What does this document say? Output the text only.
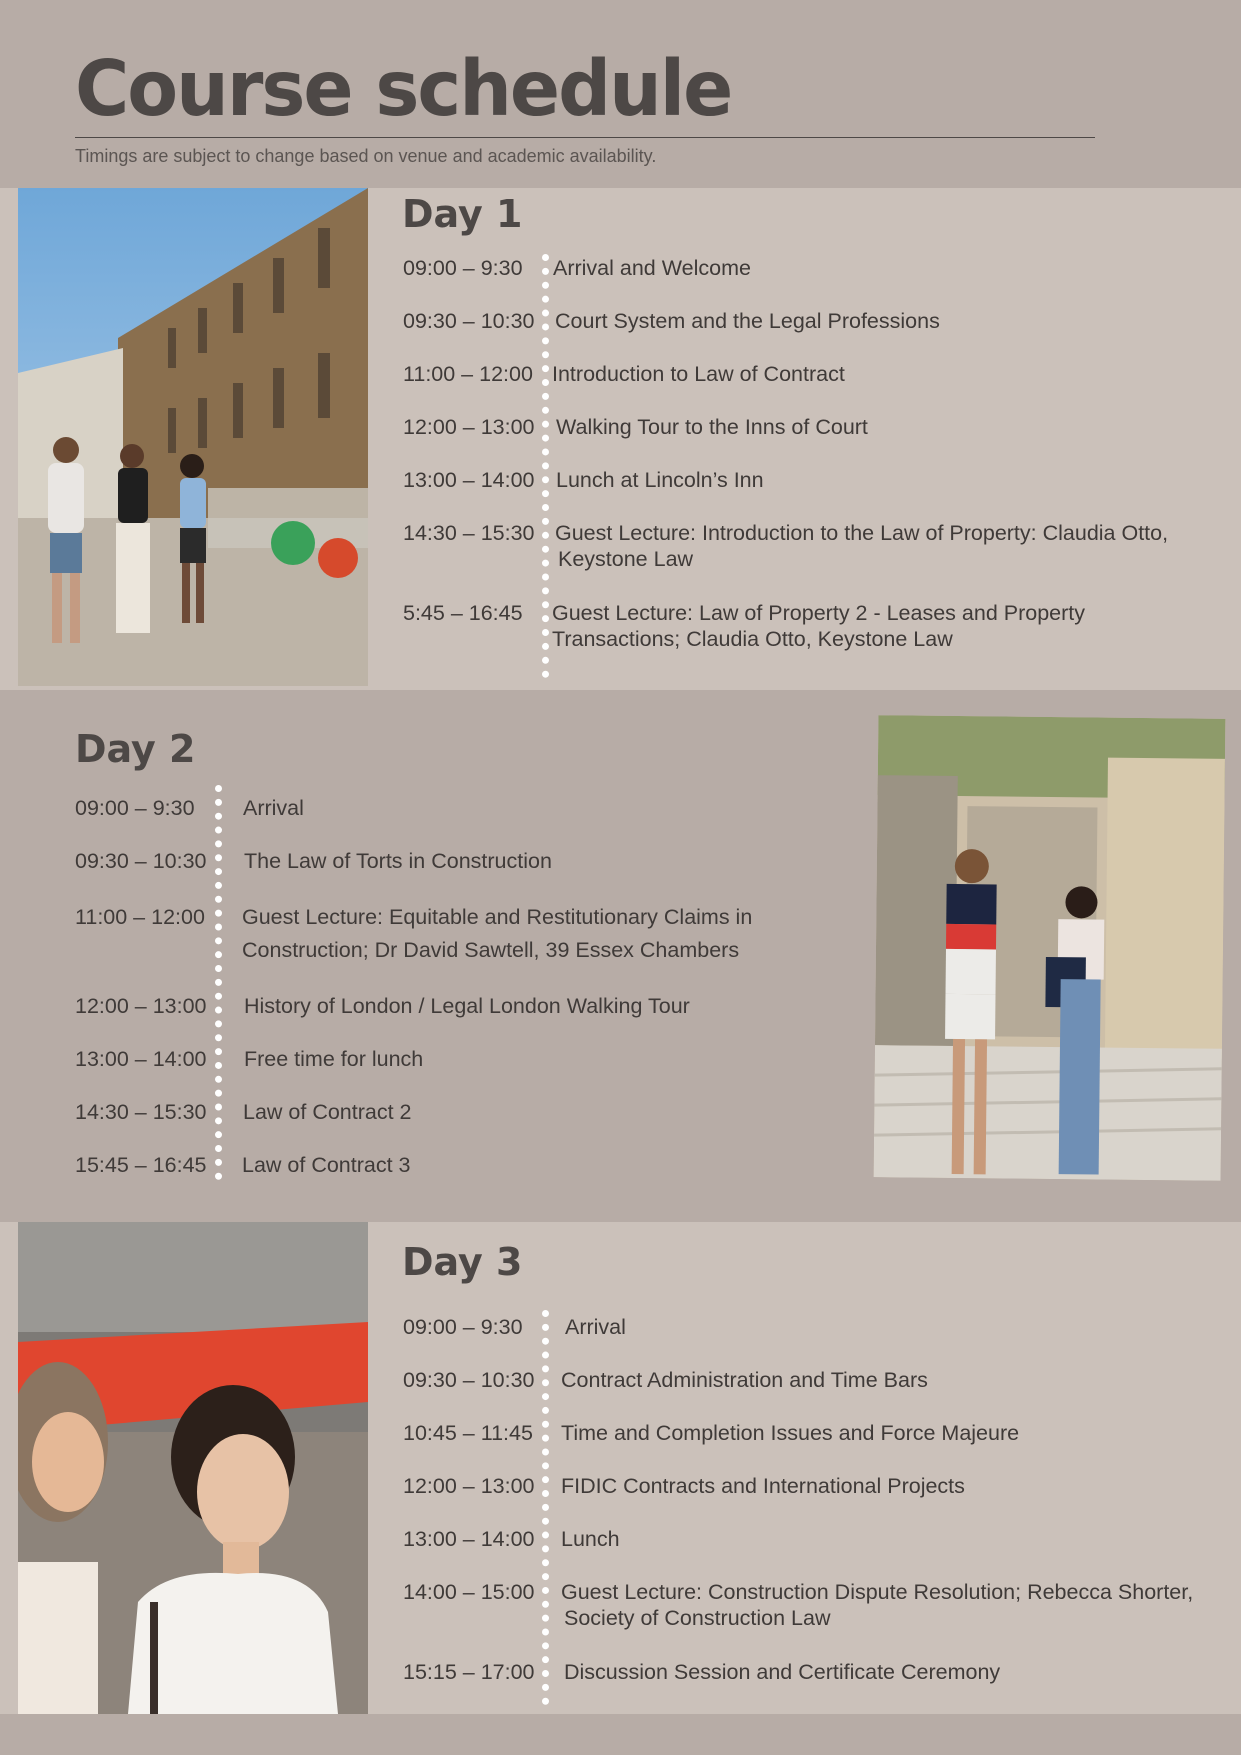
Course schedule
Timings are subject to change based on venue and academic availability.
Day 1
09:00 – 9:30 Arrival and Welcome
09:30 – 10:30 Court System and the Legal Professions
11:00 – 12:00 Introduction to Law of Contract
12:00 – 13:00 Walking Tour to the Inns of Court
13:00 – 14:00 Lunch at Lincoln’s Inn
14:30 – 15:30 Guest Lecture: Introduction to the Law of Property: Claudia Otto,
Keystone Law
5:45 – 16:45 Guest Lecture: Law of Property 2 - Leases and Property
Transactions; Claudia Otto, Keystone Law
Day 2
09:00 – 9:30 Arrival
09:30 – 10:30 The Law of Torts in Construction
11:00 – 12:00 Guest Lecture: Equitable and Restitutionary Claims in
Construction; Dr David Sawtell, 39 Essex Chambers
12:00 – 13:00 History of London / Legal London Walking Tour
13:00 – 14:00 Free time for lunch
14:30 – 15:30 Law of Contract 2
15:45 – 16:45 Law of Contract 3
Day 3
09:00 – 9:30 Arrival
09:30 – 10:30 Contract Administration and Time Bars
10:45 – 11:45 Time and Completion Issues and Force Majeure
12:00 – 13:00 FIDIC Contracts and International Projects
13:00 – 14:00 Lunch
14:00 – 15:00 Guest Lecture: Construction Dispute Resolution; Rebecca Shorter,
Society of Construction Law
15:15 – 17:00 Discussion Session and Certificate Ceremony
